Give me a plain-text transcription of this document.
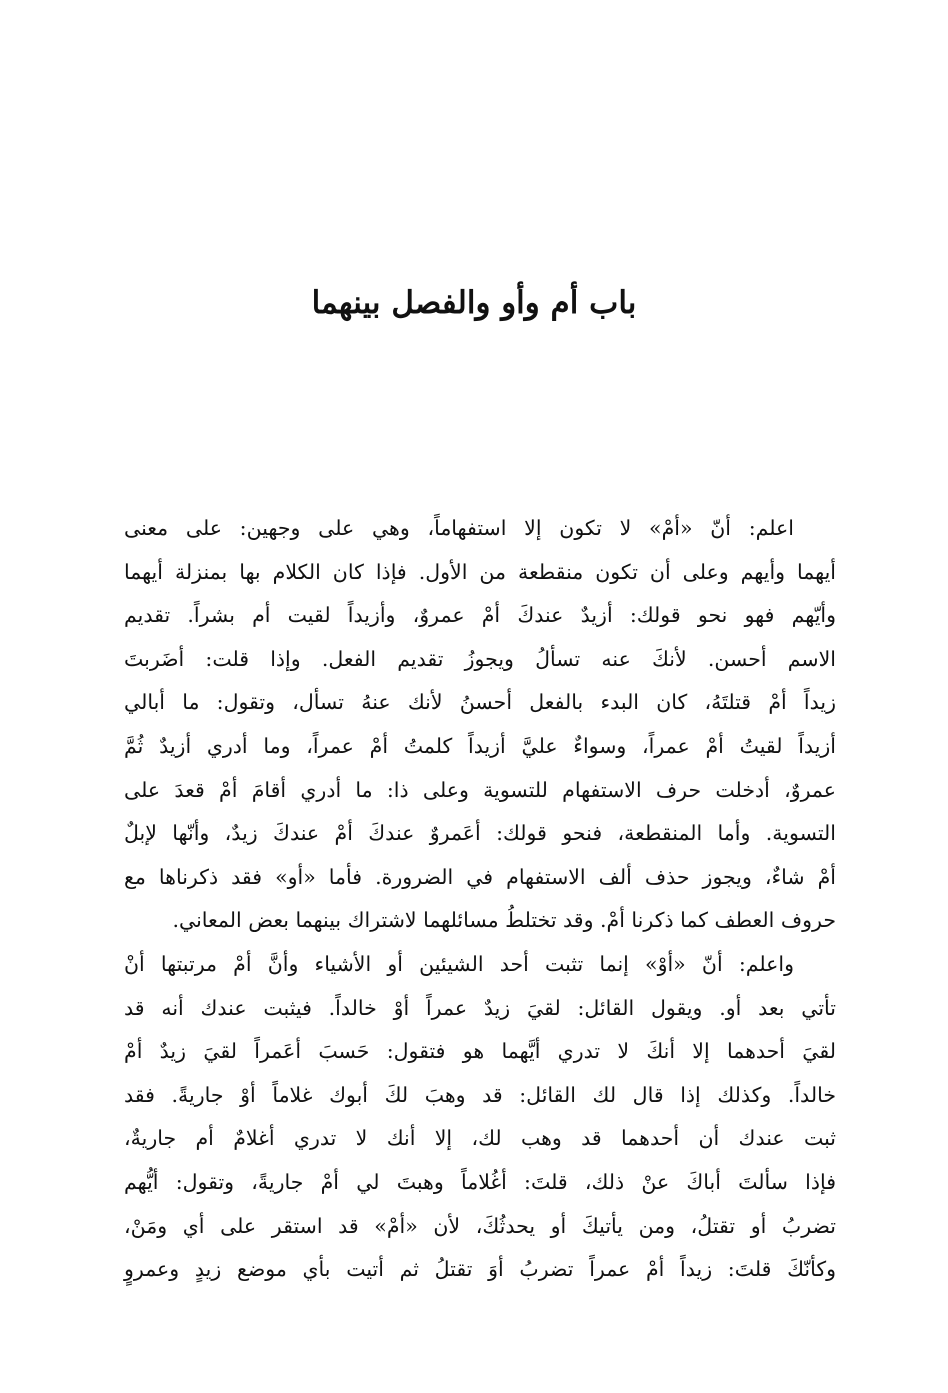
باب أم وأو والفصل بينهما
اعلم: أنّ «أمْ» لا تكون إلا استفهاماً، وهي على وجهين: على معنى
أيهما وأيهم وعلى أن تكون منقطعة من الأول. فإذا كان الكلام بها بمنزلة أيهما
وأيّهم فهو نحو قولك: أزيدٌ عندكَ أمْ عمروٌ، وأزيداً لقيت أم بشراً. تقديم
الاسم أحسن. لأنكَ عنه تسألُ ويجوزُ تقديم الفعل. وإذا قلت: أضَربتَ
زيداً أمْ قتلتَهُ، كان البدء بالفعل أحسنُ لأنك عنهُ تسأل، وتقول: ما أبالي
أزيداً لقيتُ أمْ عمراً، وسواءٌ عليَّ أزيداً كلمتُ أمْ عمراً، وما أدري أزيدٌ ثُمَّ
عمروٌ، أدخلت حرف الاستفهام للتسوية وعلى ذا: ما أدري أقامَ أمْ قعدَ على
التسوية. وأما المنقطعة، فنحو قولك: أعَمروٌ عندكَ أمْ عندكَ زيدٌ، وأنّها لإبلٌ
أمْ شاءٌ، ويجوز حذف ألف الاستفهام في الضرورة. فأما «أو» فقد ذكرناها مع
حروف العطف كما ذكرنا أمْ. وقد تختلطُ مسائلهما لاشتراك بينهما بعض المعاني.
واعلم: أنّ «أوْ» إنما تثبت أحد الشيئين أو الأشياء وأنَّ أمْ مرتبتها أنْ
تأتي بعد أو. ويقول القائل: لقيَ زيدٌ عمراً أوْ خالداً. فيثبت عندك أنه قد
لقيَ أحدهما إلا أنكَ لا تدري أيَّهما هو فتقول: حَسبَ أعَمراً لقيَ زيدٌ أمْ
خالداً. وكذلك إذا قال لك القائل: قد وهبَ لكَ أبوك غلاماً أوْ جاريةً. فقد
ثبت عندك أن أحدهما قد وهب لك، إلا أنك لا تدري أغلامٌ أم جاريةٌ،
فإذا سألتَ أباكَ عنْ ذلك، قلتَ: أغُلاماً وهبتَ لي أمْ جاريةً، وتقول: أيُّهم
تضربُ أو تقتلُ، ومن يأتيكَ أو يحدثُكَ، لأن «أمْ» قد استقر على أي ومَنْ،
وكأنّكَ قلتَ: زيداً أمْ عمراً تضربُ أوَ تقتلُ ثم أتيت بأي موضع زيدٍ وعمروٍ
